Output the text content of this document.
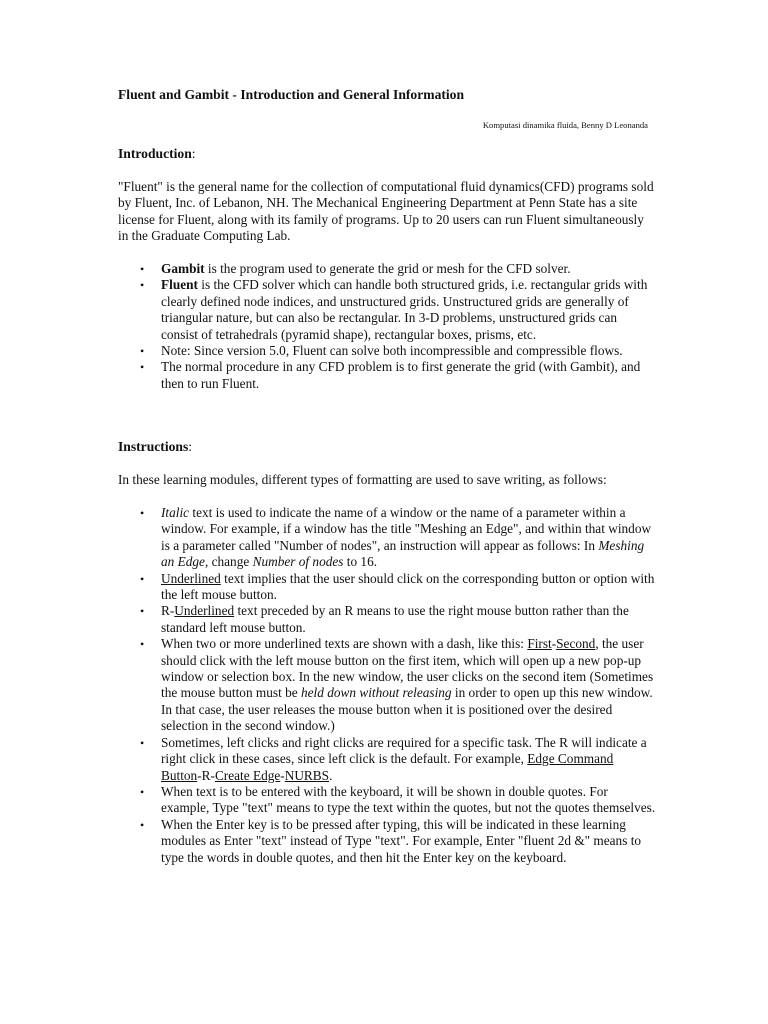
Fluent and Gambit - Introduction and General Information
Komputasi dinamika fluida, Benny D Leonanda
Introduction:

"Fluent" is the general name for the collection of computational fluid dynamics(CFD) programs sold by Fluent, Inc. of Lebanon, NH. The Mechanical Engineering Department at Penn State has a site license for Fluent, along with its family of programs. Up to 20 users can run Fluent simultaneously in the Graduate Computing Lab.

• Gambit is the program used to generate the grid or mesh for the CFD solver.
• Fluent is the CFD solver which can handle both structured grids, i.e. rectangular grids with clearly defined node indices, and unstructured grids. Unstructured grids are generally of triangular nature, but can also be rectangular. In 3-D problems, unstructured grids can consist of tetrahedrals (pyramid shape), rectangular boxes, prisms, etc.
• Note: Since version 5.0, Fluent can solve both incompressible and compressible flows.
• The normal procedure in any CFD problem is to first generate the grid (with Gambit), and then to run Fluent.
Instructions:

In these learning modules, different types of formatting are used to save writing, as follows:

• Italic text is used to indicate the name of a window or the name of a parameter within a window. For example, if a window has the title "Meshing an Edge", and within that window is a parameter called "Number of nodes", an instruction will appear as follows: In Meshing an Edge, change Number of nodes to 16.
• Underlined text implies that the user should click on the corresponding button or option with the left mouse button.
• R-Underlined text preceded by an R means to use the right mouse button rather than the standard left mouse button.
• When two or more underlined texts are shown with a dash, like this: First-Second, the user should click with the left mouse button on the first item, which will open up a new pop-up window or selection box. In the new window, the user clicks on the second item (Sometimes the mouse button must be held down without releasing in order to open up this new window. In that case, the user releases the mouse button when it is positioned over the desired selection in the second window.)
• Sometimes, left clicks and right clicks are required for a specific task. The R will indicate a right click in these cases, since left click is the default. For example, Edge Command Button-R-Create Edge-NURBS.
• When text is to be entered with the keyboard, it will be shown in double quotes. For example, Type "text" means to type the text within the quotes, but not the quotes themselves.
• When the Enter key is to be pressed after typing, this will be indicated in these learning modules as Enter "text" instead of Type "text". For example, Enter "fluent 2d &" means to type the words in double quotes, and then hit the Enter key on the keyboard.
